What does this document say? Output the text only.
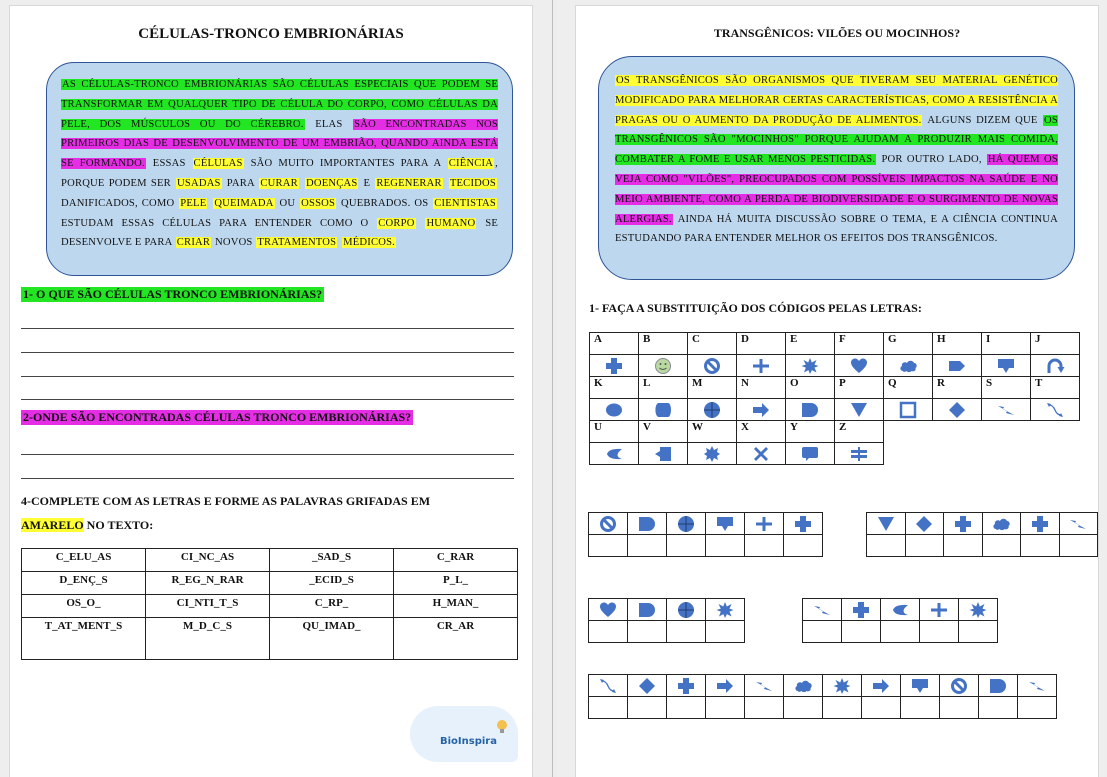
CÉLULAS-TRONCO EMBRIONÁRIAS
AS CÉLULAS-TRONCO EMBRIONÁRIAS SÃO CÉLULAS ESPECIAIS QUE PODEM SE TRANSFORMAR EM QUALQUER TIPO DE CÉLULA DO CORPO, COMO CÉLULAS DA PELE, DOS MÚSCULOS OU DO CÉREBRO. ELAS SÃO ENCONTRADAS NOS PRIMEIROS DIAS DE DESENVOLVIMENTO DE UM EMBRIÃO, QUANDO AINDA ESTÁ SE FORMANDO. ESSAS CÉLULAS SÃO MUITO IMPORTANTES PARA A CIÊNCIA , PORQUE PODEM SER USADAS PARA CURAR DOENÇAS E REGENERAR TECIDOS DANIFICADOS, COMO PELE QUEIMADA OU OSSOS QUEBRADOS. OS CIENTISTAS ESTUDAM ESSAS CÉLULAS PARA ENTENDER COMO O CORPO HUMANO SE DESENVOLVE E PARA CRIAR NOVOS TRATAMENTOS MÉDICOS.
1- O QUE SÃO CÉLULAS TRONCO EMBRIONÁRIAS?
2-ONDE SÃO ENCONTRADAS CÉLULAS TRONCO EMBRIONÁRIAS?
4-COMPLETE COM AS LETRAS E FORME AS PALAVRAS GRIFADAS EM
AMARELO NO TEXTO:
C_ELU_AS	CI_NC_AS	_SAD_S	C_RAR
D_ENÇ_S	R_EG_N_RAR	_ECID_S	P_L_
OS_O_	CI_NTI_T_S	C_RP_	H_MAN_
T_AT_MENT_S	M_D_C_S	QU_IMAD_	CR_AR
BioInspira
TRANSGÊNICOS: VILÕES OU MOCINHOS?
OS TRANSGÊNICOS SÃO ORGANISMOS QUE TIVERAM SEU MATERIAL GENÉTICO MODIFICADO PARA MELHORAR CERTAS CARACTERÍSTICAS, COMO A RESISTÊNCIA A PRAGAS OU O AUMENTO DA PRODUÇÃO DE ALIMENTOS. ALGUNS DIZEM QUE OS TRANSGÊNICOS SÃO "MOCINHOS" PORQUE AJUDAM A PRODUZIR MAIS COMIDA, COMBATER A FOME E USAR MENOS PESTICIDAS. POR OUTRO LADO, HÁ QUEM OS VEJA COMO "VILÕES", PREOCUPADOS COM POSSÍVEIS IMPACTOS NA SAÚDE E NO MEIO AMBIENTE, COMO A PERDA DE BIODIVERSIDADE E O SURGIMENTO DE NOVAS ALERGIAS. AINDA HÁ MUITA DISCUSSÃO SOBRE O TEMA, E A CIÊNCIA CONTINUA ESTUDANDO PARA ENTENDER MELHOR OS EFEITOS DOS TRANSGÊNICOS.
1- FAÇA A SUBSTITUIÇÃO DOS CÓDIGOS PELAS LETRAS:
A	B	C	D	E	F	G	H	I	J

K	L	M	N	O	P	Q	R	S	T

U	V	W	X	Y	Z				
